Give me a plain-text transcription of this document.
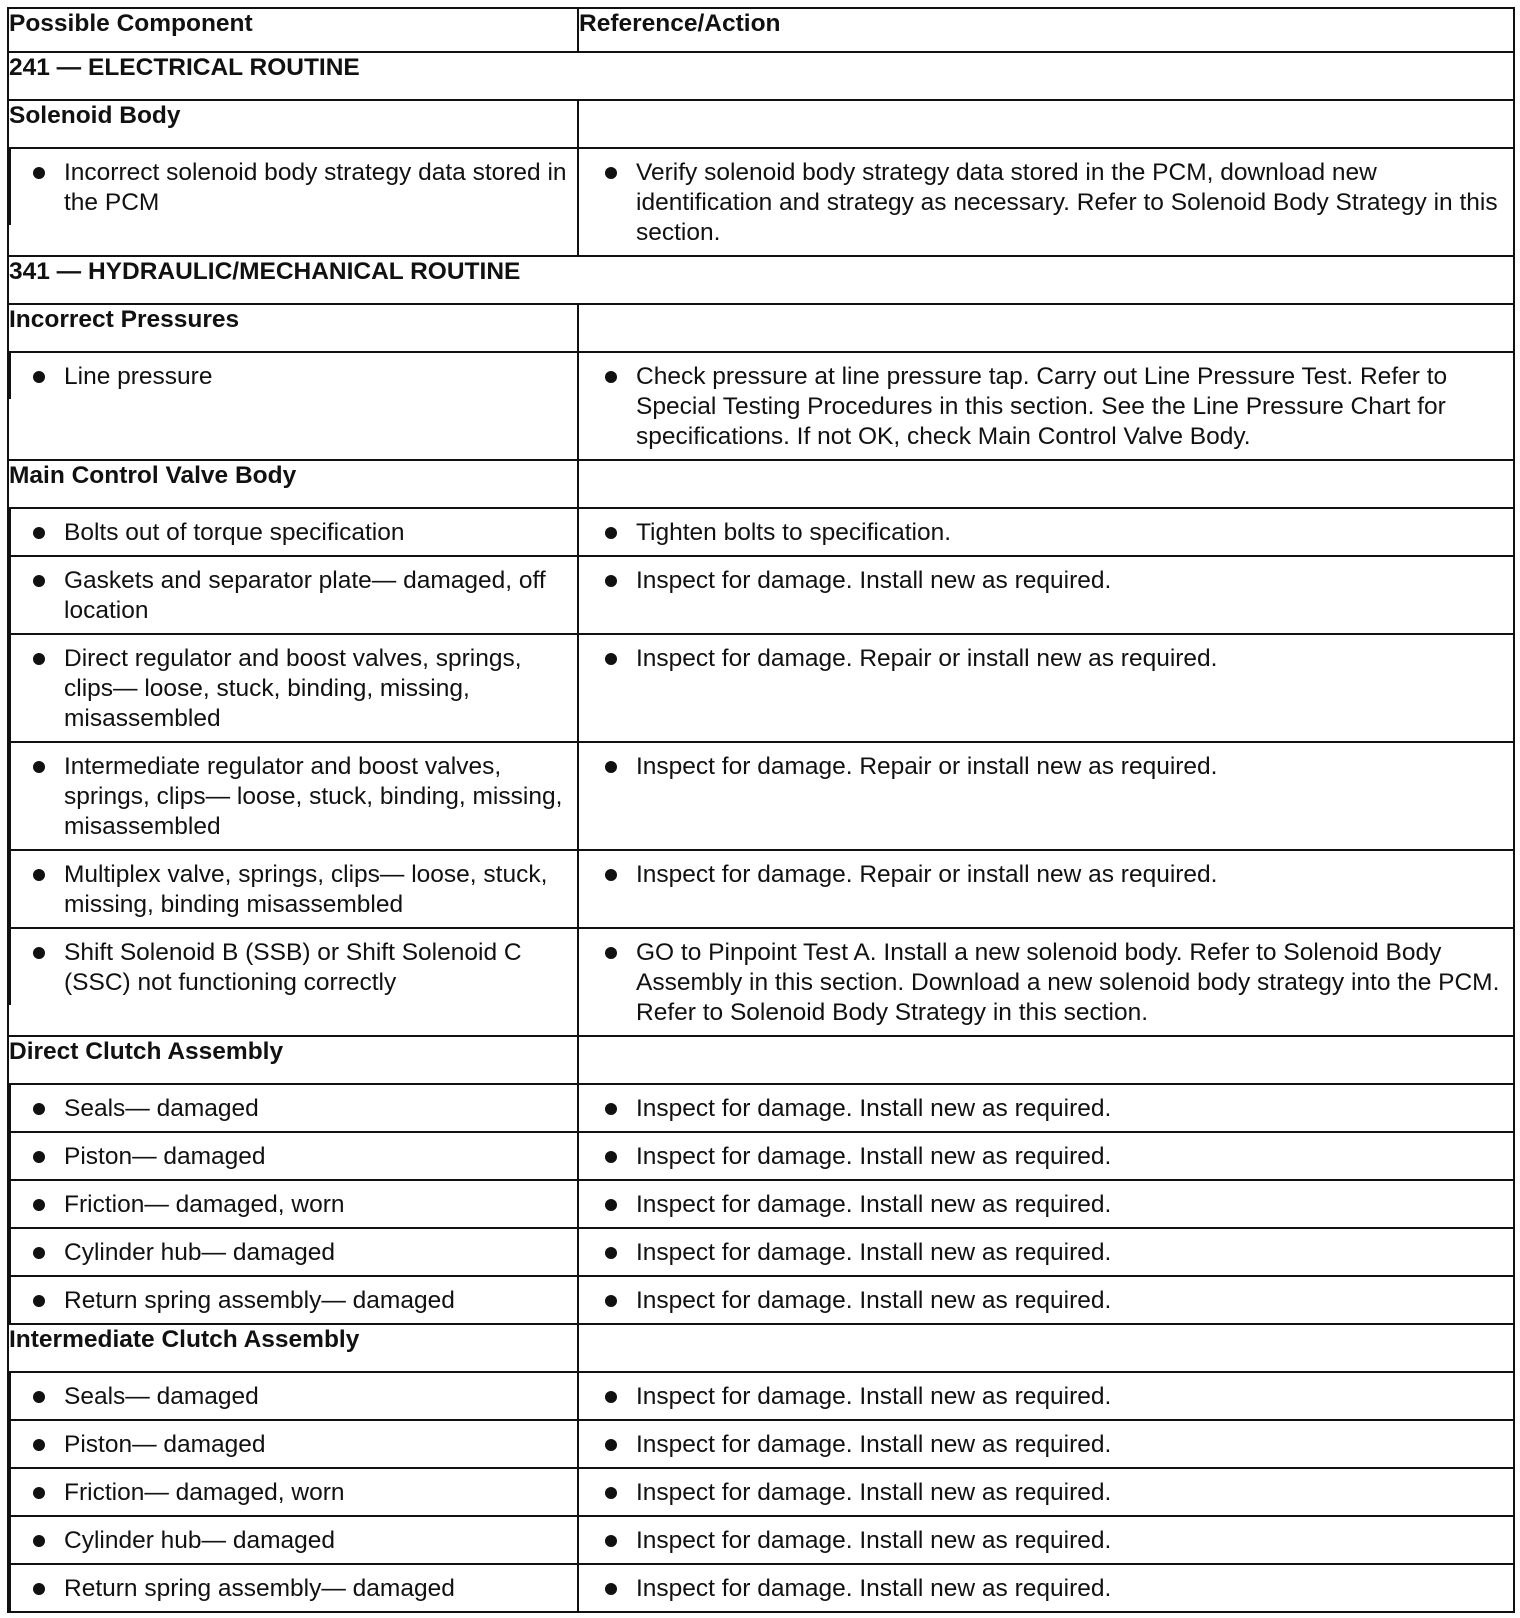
Possible Component	Reference/Action
241 — ELECTRICAL ROUTINE	
Solenoid Body	

Incorrect solenoid body strategy data stored in the PCM	Verify solenoid body strategy data stored in the PCM, download new identification and strategy as necessary. Refer to Solenoid Body Strategy in this section.

341 — HYDRAULIC/MECHANICAL ROUTINE	
Incorrect Pressures	

Line pressure	Check pressure at line pressure tap. Carry out Line Pressure Test. Refer to Special Testing Procedures in this section. See the Line Pressure Chart for specifications. If not OK, check Main Control Valve Body.

Main Control Valve Body	

Bolts out of torque specification	Tighten bolts to specification.

Gaskets and separator plate— damaged, off location	Inspect for damage. Install new as required.

Direct regulator and boost valves, springs, clips— loose, stuck, binding, missing, misassembled	Inspect for damage. Repair or install new as required.

Intermediate regulator and boost valves, springs, clips— loose, stuck, binding, missing, misassembled	Inspect for damage. Repair or install new as required.

Multiplex valve, springs, clips— loose, stuck, missing, binding misassembled	Inspect for damage. Repair or install new as required.

Shift Solenoid B (SSB) or Shift Solenoid C (SSC) not functioning correctly	GO to Pinpoint Test A. Install a new solenoid body. Refer to Solenoid Body Assembly in this section. Download a new solenoid body strategy into the PCM. Refer to Solenoid Body Strategy in this section.

Direct Clutch Assembly	

Seals— damaged	Inspect for damage. Install new as required.

Piston— damaged	Inspect for damage. Install new as required.

Friction— damaged, worn	Inspect for damage. Install new as required.

Cylinder hub— damaged	Inspect for damage. Install new as required.

Return spring assembly— damaged	Inspect for damage. Install new as required.

Intermediate Clutch Assembly	

Seals— damaged	Inspect for damage. Install new as required.

Piston— damaged	Inspect for damage. Install new as required.

Friction— damaged, worn	Inspect for damage. Install new as required.

Cylinder hub— damaged	Inspect for damage. Install new as required.

Return spring assembly— damaged	Inspect for damage. Install new as required.
